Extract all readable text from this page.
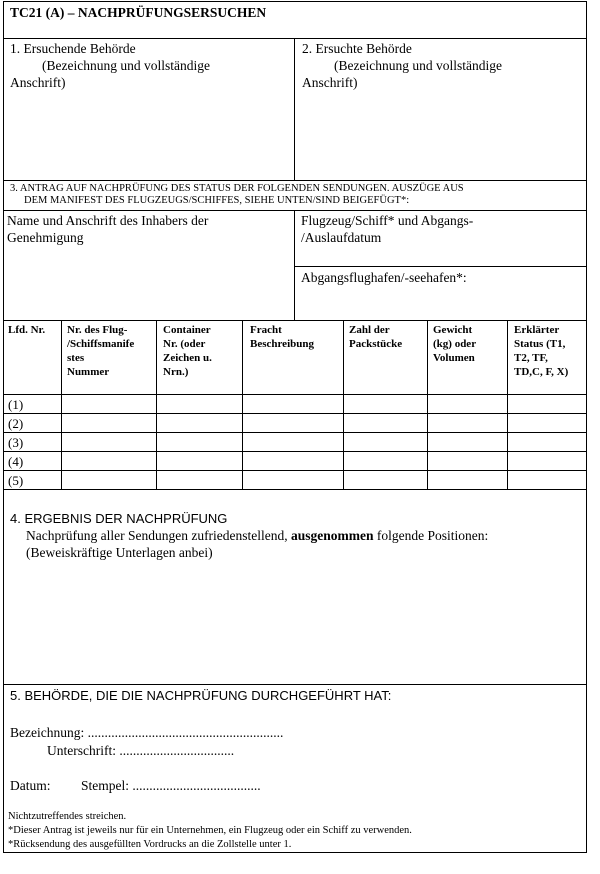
TC21 (A) – NACHPRÜFUNGSERSUCHEN
1. Ersuchende Behörde
(Bezeichnung und vollständige
Anschrift)
2. Ersuchte Behörde
(Bezeichnung und vollständige
Anschrift)
3. ANTRAG AUF NACHPRÜFUNG DES STATUS DER FOLGENDEN SENDUNGEN. AUSZÜGE AUS
DEM MANIFEST DES FLUGZEUGS/SCHIFFES, SIEHE UNTEN/SIND BEIGEFÜGT*:
Name und Anschrift des Inhabers der
Genehmigung
Flugzeug/Schiff* und Abgangs-
/Auslaufdatum
Abgangsflughafen/-seehafen*:
Lfd. Nr. Nr. des Flug-
/Schiffsmanife
stes
Nummer
Container
Nr. (oder
Zeichen u.
Nrn.)
Fracht
Beschreibung
Zahl der
Packstücke
Gewicht
(kg) oder
Volumen
Erklärter
Status (T1,
T2, TF,
TD,C, F, X)
(1)
(2)
(3)
(4)
(5)
4. ERGEBNIS DER NACHPRÜFUNG
Nachprüfung aller Sendungen zufriedenstellend, ausgenommen folgende Positionen:
(Beweiskräftige Unterlagen anbei)
5. BEHÖRDE, DIE DIE NACHPRÜFUNG DURCHGEFÜHRT HAT:
Bezeichnung: ..........................................................
Unterschrift: ..................................
Datum: Stempel: ......................................
Nichtzutreffendes streichen.
*Dieser Antrag ist jeweils nur für ein Unternehmen, ein Flugzeug oder ein Schiff zu verwenden.
*Rücksendung des ausgefüllten Vordrucks an die Zollstelle unter 1.
